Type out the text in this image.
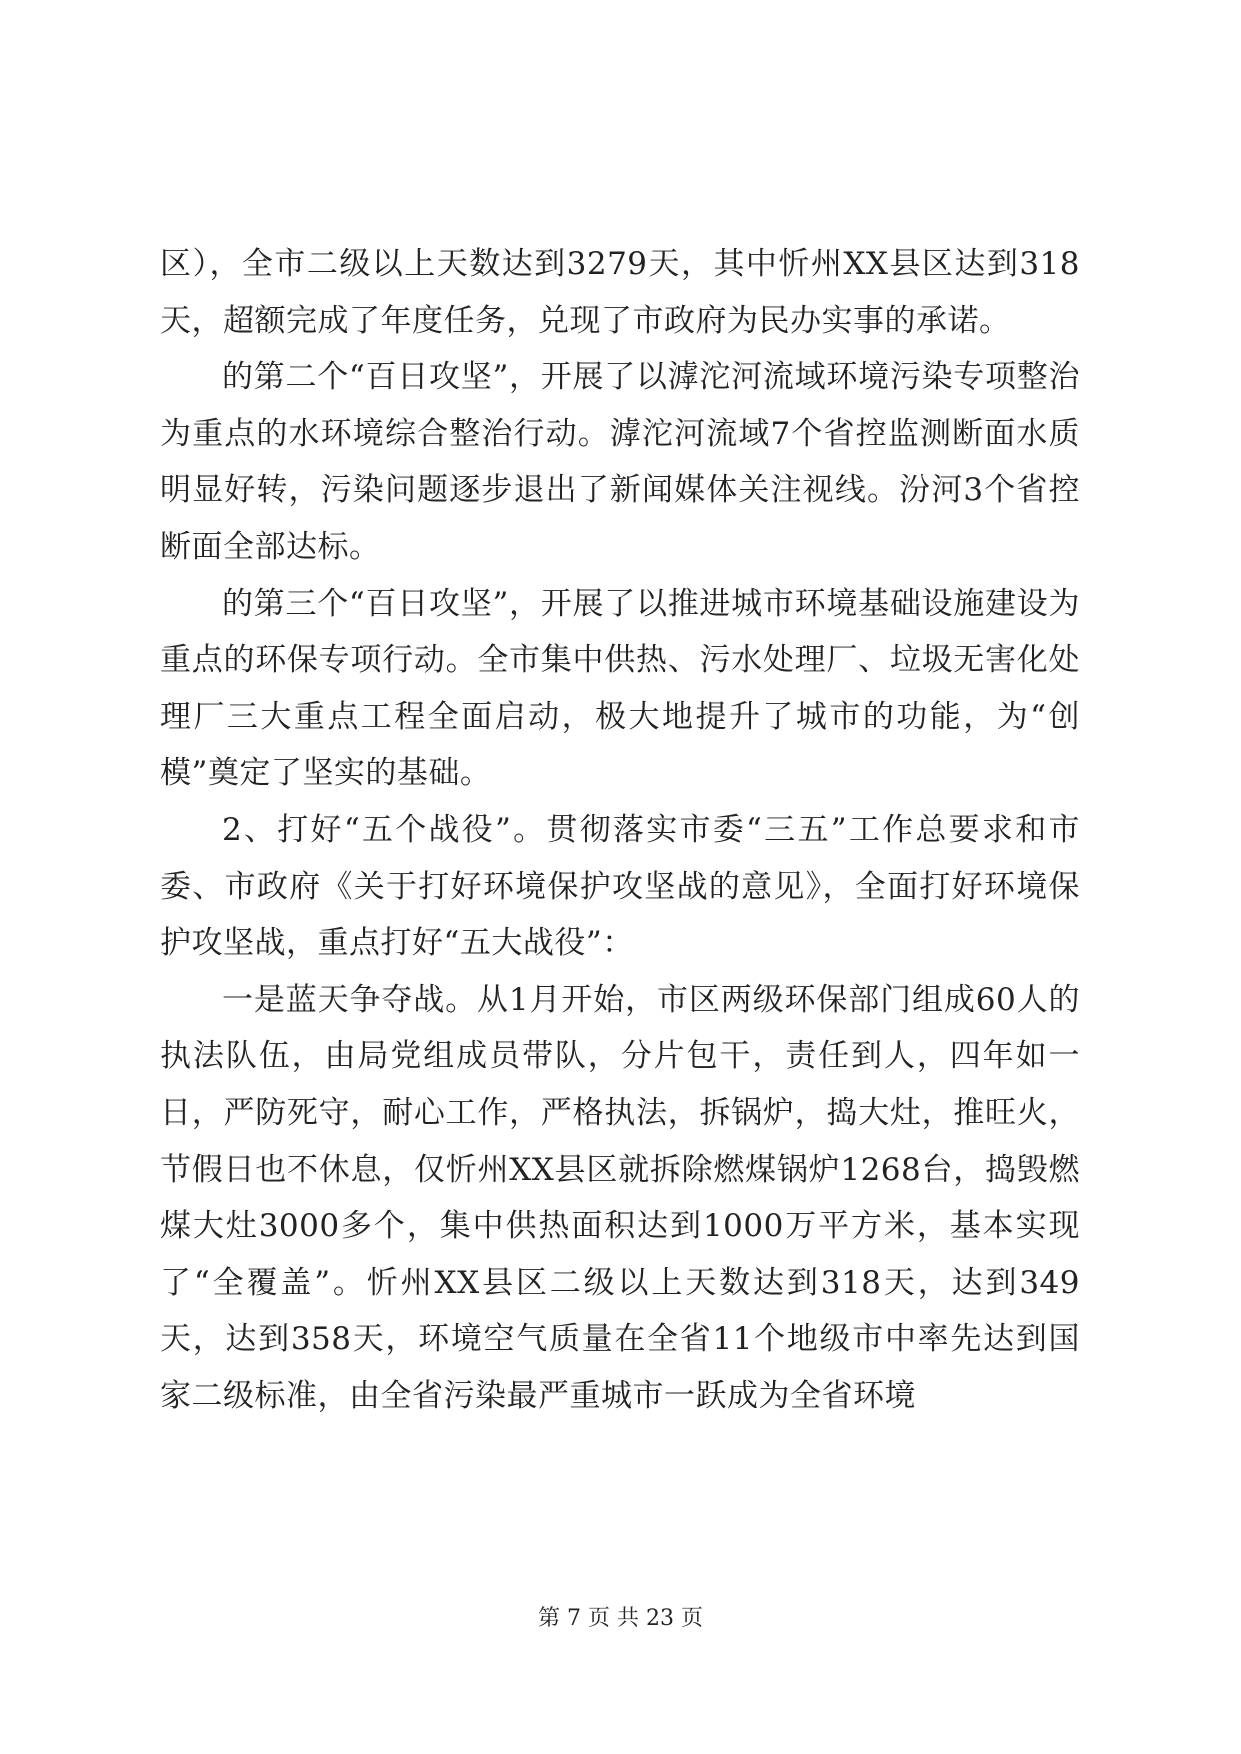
区），全市二级以上天数达到3279天，其中忻州XX县区达到318天，超额完成了年度任务，兑现了市政府为民办实事的承诺。

的第二个“百日攻坚”，开展了以滹沱河流域环境污染专项整治为重点的水环境综合整治行动。滹沱河流域7个省控监测断面水质明显好转，污染问题逐步退出了新闻媒体关注视线。汾河3个省控断面全部达标。

的第三个“百日攻坚”，开展了以推进城市环境基础设施建设为重点的环保专项行动。全市集中供热、污水处理厂、垃圾无害化处理厂三大重点工程全面启动，极大地提升了城市的功能，为“创模”奠定了坚实的基础。

2、打好“五个战役”。贯彻落实市委“三五”工作总要求和市委、市政府《关于打好环境保护攻坚战的意见》，全面打好环境保护攻坚战，重点打好“五大战役”：

一是蓝天争夺战。从1月开始，市区两级环保部门组成60人的执法队伍，由局党组成员带队，分片包干，责任到人，四年如一日，严防死守，耐心工作，严格执法，拆锅炉，捣大灶，推旺火，节假日也不休息，仅忻州XX县区就拆除燃煤锅炉1268台，捣毁燃煤大灶3000多个，集中供热面积达到1000万平方米，基本实现了“全覆盖”。忻州XX县区二级以上天数达到318天，达到349天，达到358天，环境空气质量在全省11个地级市中率先达到国家二级标准，由全省污染最严重城市一跃成为全省环境

第 7 页 共 23 页
